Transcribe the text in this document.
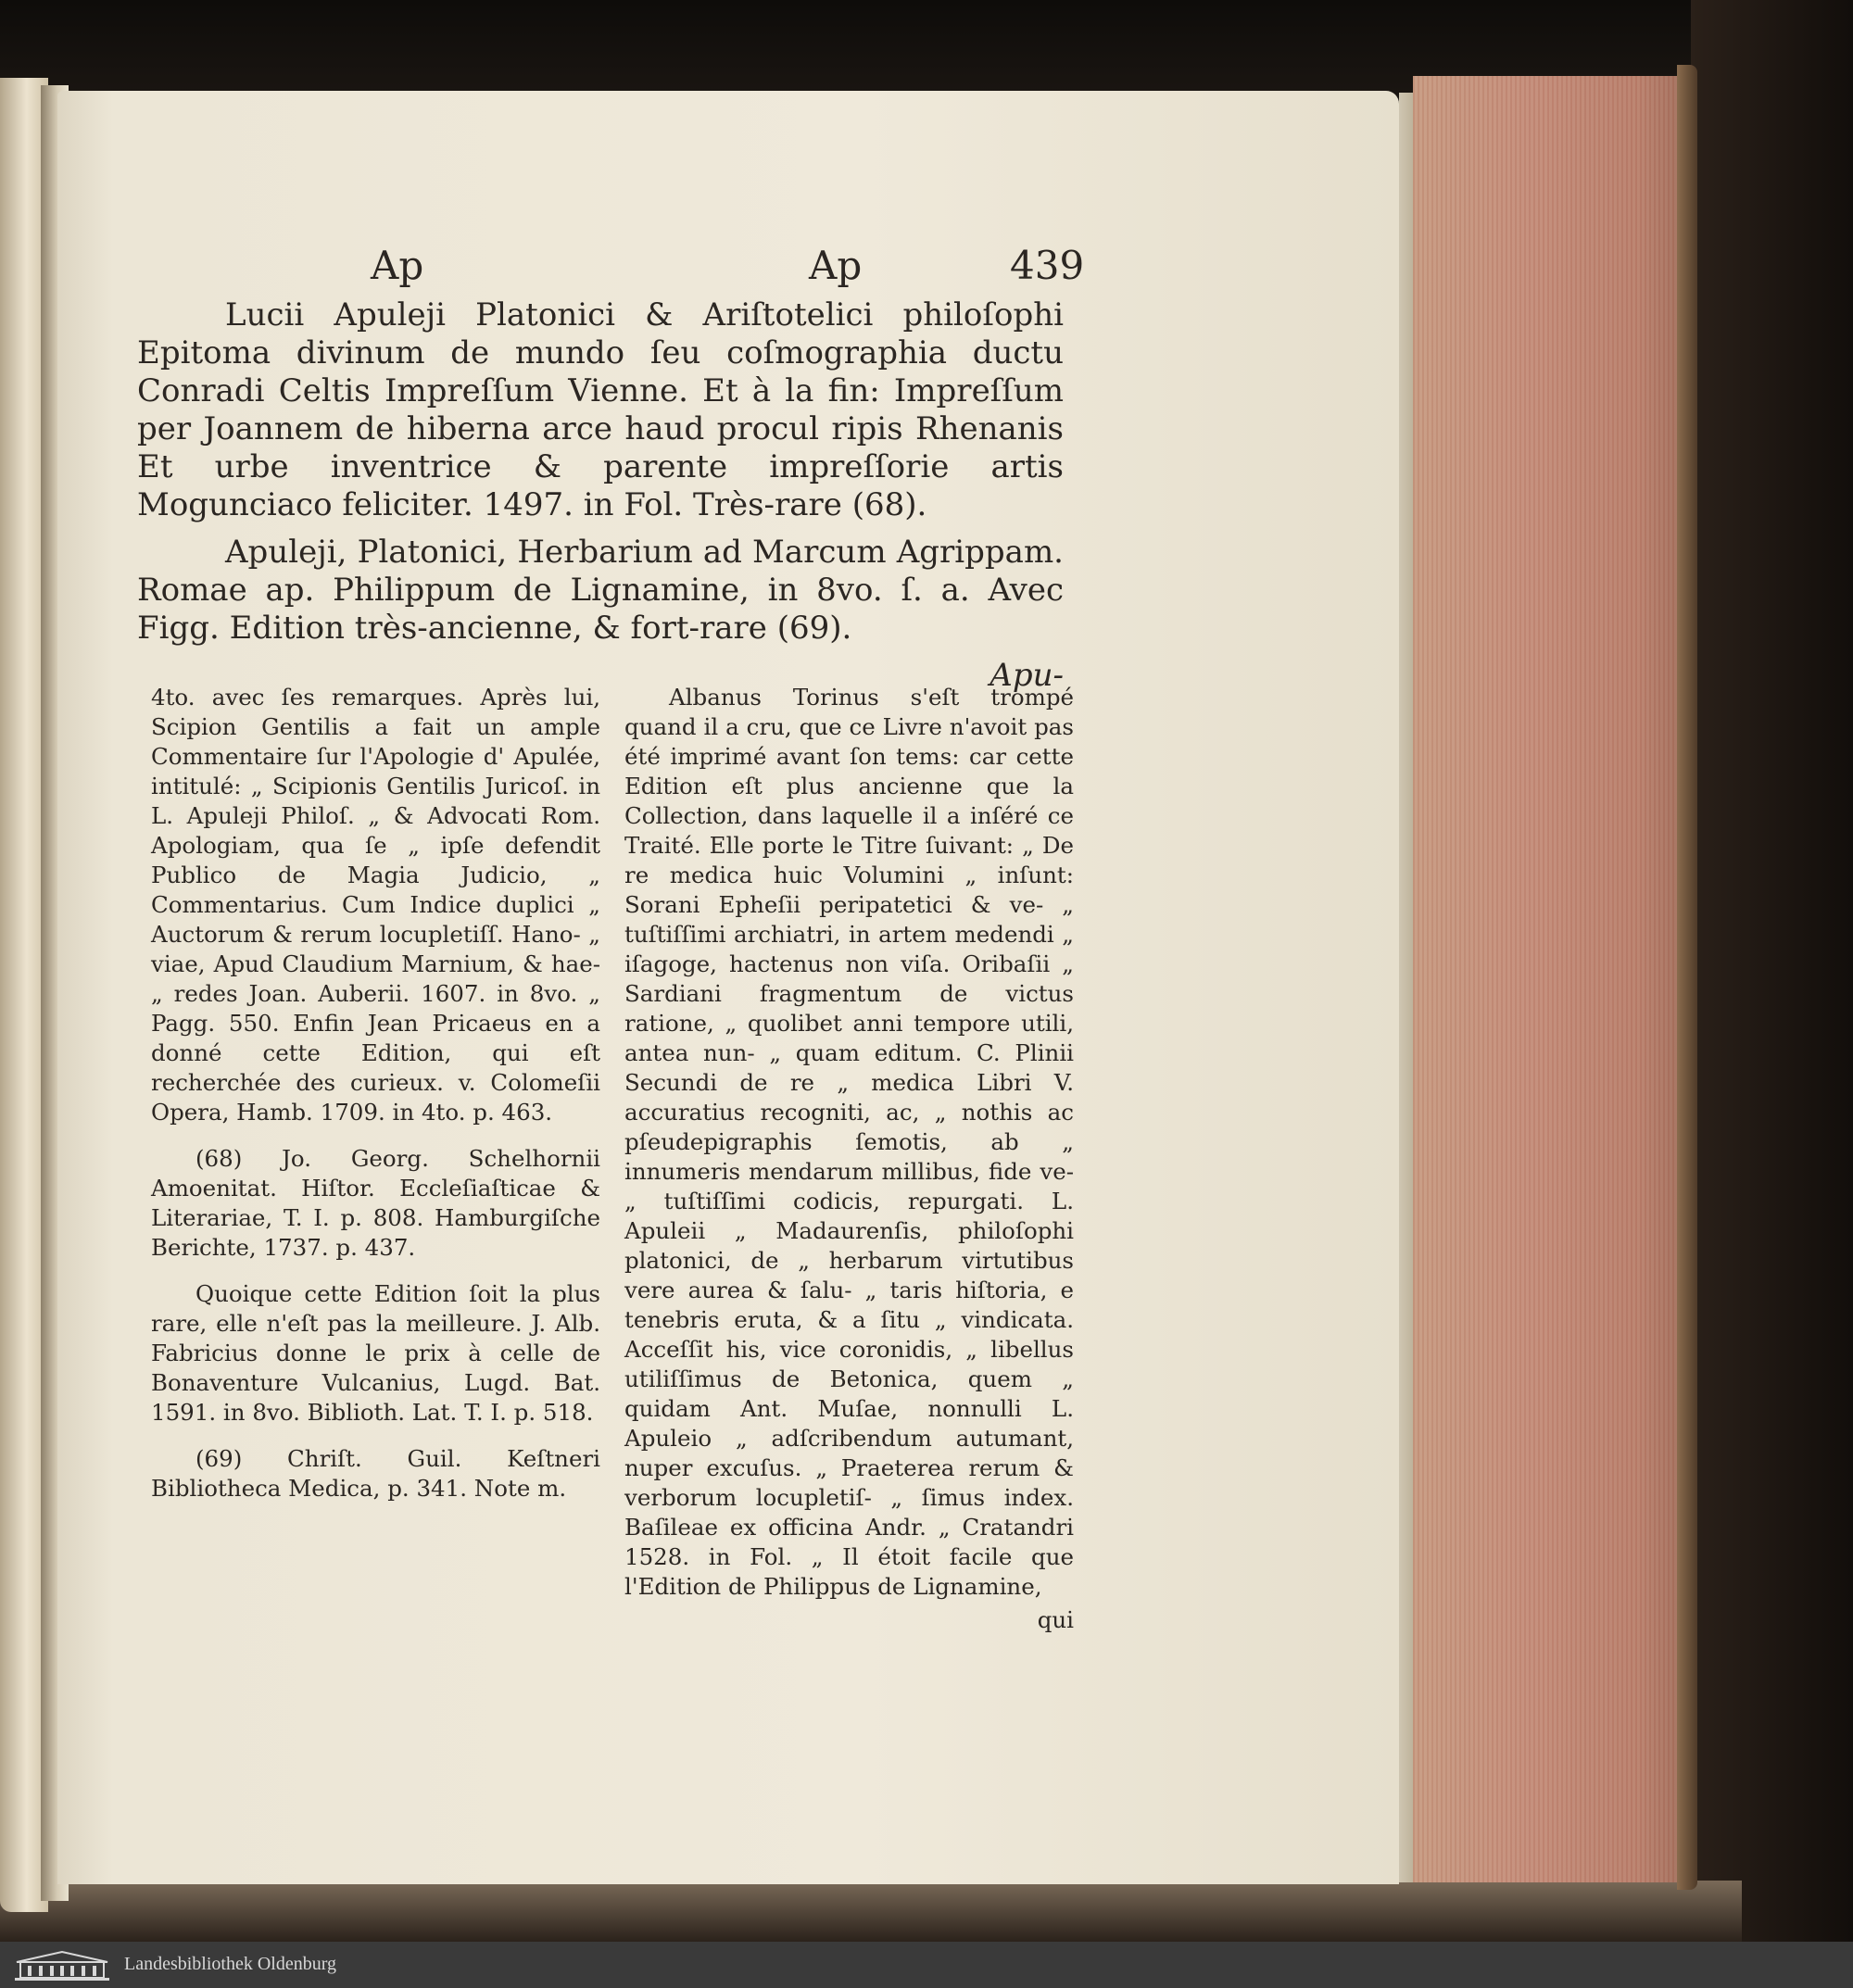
Ap	Ap	439

Lucii Apuleji Platonici & Ariſtotelici philoſophi Epitoma divinum de mundo ſeu coſmographia ductu Conradi Celtis Impreſſum Vienne. Et à la fin: Impreſſum per Joannem de hiberna arce haud procul ripis Rhenanis Et urbe inventrice & parente impreſſorie artis Moguncіaco feliciter. 1497. in Fol. Très-rare (68).

Apuleji, Platonici, Herbarium ad Marcum Agrippam. Romae ap. Philippum de Lignamine, in 8vo. ſ. a. Avec Figg. Edition très-ancienne, & fort-rare (69).

Apu-

4to. avec ſes remarques. Après lui, Scipion Gentilis a fait un ample Commentaire ſur l'Apologie d' Apulée, intitulé: „ Scipionis Gentilis Juricoſ. in L. Apuleji Philoſ. „ & Advocati Rom. Apologiam, qua ſe „ ipſe defendit Publico de Magia Judicio, „ Commentarius. Cum Indice duplici „ Auctorum & rerum locupletiſſ. Hano- „ viae, Apud Claudium Marnium, & hae- „ redes Joan. Auberii. 1607. in 8vo. „ Pagg. 550. Enfin Jean Pricaeus en a donné cette Edition, qui eſt recherchée des curieux. v. Colomeſii Opera, Hamb. 1709. in 4to. p. 463.

(68) Jo. Georg. Schelhornii Amoenitat. Hiſtor. Eccleſiaſticae & Literariae, T. I. p. 808. Hamburgiſche Berichte, 1737. p. 437.

Quoique cette Edition ſoit la plus rare, elle n'eſt pas la meilleure. J. Alb. Fabricius donne le prix à celle de Bonaventure Vulcanius, Lugd. Bat. 1591. in 8vo. Biblioth. Lat. T. I. p. 518.

(69) Chriſt. Guil. Keſtneri Bibliotheca Medica, p. 341. Note m.

Albanus Torinus s'eſt trompé quand il a cru, que ce Livre n'avoit pas été imprimé avant ſon tems: car cette Edition eſt plus ancienne que la Collection, dans laquelle il a inſéré ce Traité. Elle porte le Titre ſuivant: „ De re medica huic Volumini „ inſunt: Sorani Epheſii peripatetici & ve- „ tuſtiſſimi archiatri, in artem medendi „ iſagoge, hactenus non viſa. Oribaſii „ Sardiani fragmentum de victus ratione, „ quolibet anni tempore utili, antea nun- „ quam editum. C. Plinii Secundi de re „ medica Libri V. accuratius recogniti, ac, „ nothis ac pſeudepigraphis ſemotis, ab „ innumeris mendarum millibus, fide ve- „ tuſtiſſimi codicis, repurgati. L. Apuleii „ Madaurenſis, philoſophi platonici, de „ herbarum virtutibus vere aurea & ſalu- „ taris hiſtoria, e tenebris eruta, & a ſitu „ vindicata. Acceſſit his, vice coronidis, „ libellus utiliſſimus de Betonica, quem „ quidam Ant. Muſae, nonnulli L. Apuleio „ adſcribendum autumant, nuper excuſus. „ Praeterea rerum & verborum locupletiſ- „ ſimus index. Baſileae ex officina Andr. „ Cratandri 1528. in Fol. „ Il étoit facile que l'Edition de Philippus de Lignamine,

qui

Landesbibliothek Oldenburg
